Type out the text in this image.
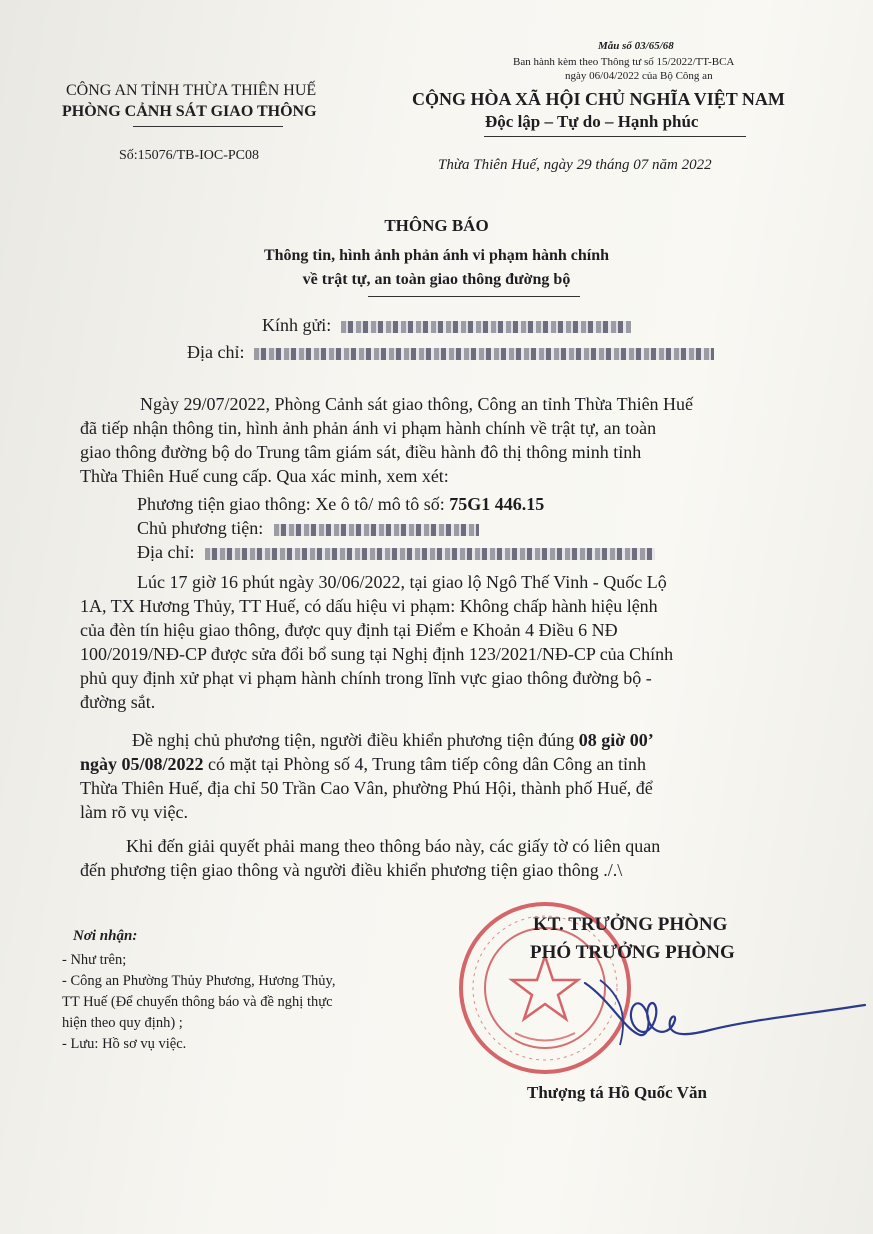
Mẫu số 03/65/68
Ban hành kèm theo Thông tư số 15/2022/TT-BCA
ngày 06/04/2022 của Bộ Công an
CÔNG AN TỈNH THỪA THIÊN HUẾ
PHÒNG CẢNH SÁT GIAO THÔNG
CỘNG HÒA XÃ HỘI CHỦ NGHĨA VIỆT NAM
Độc lập – Tự do – Hạnh phúc
Số:15076/TB-IOC-PC08
Thừa Thiên Huế, ngày 29 tháng 07 năm 2022
THÔNG BÁO
Thông tin, hình ảnh phản ánh vi phạm hành chính
về trật tự, an toàn giao thông đường bộ
Kính gửi:
Địa chỉ:
Ngày 29/07/2022, Phòng Cảnh sát giao thông, Công an tỉnh Thừa Thiên Huế
đã tiếp nhận thông tin, hình ảnh phản ánh vi phạm hành chính về trật tự, an toàn
giao thông đường bộ do Trung tâm giám sát, điều hành đô thị thông minh tỉnh
Thừa Thiên Huế cung cấp. Qua xác minh, xem xét:
Phương tiện giao thông: Xe ô tô/ mô tô số: 75G1 446.15
Chủ phương tiện:
Địa chỉ:
Lúc 17 giờ 16 phút ngày 30/06/2022, tại giao lộ Ngô Thế Vinh - Quốc Lộ
1A, TX Hương Thủy, TT Huế, có dấu hiệu vi phạm: Không chấp hành hiệu lệnh
của đèn tín hiệu giao thông, được quy định tại Điểm e Khoản 4 Điều 6 NĐ
100/2019/NĐ-CP được sửa đổi bổ sung tại Nghị định 123/2021/NĐ-CP của Chính
phủ quy định xử phạt vi phạm hành chính trong lĩnh vực giao thông đường bộ -
đường sắt.
Đề nghị chủ phương tiện, người điều khiển phương tiện đúng 08 giờ 00’
ngày 05/08/2022 có mặt tại Phòng số 4, Trung tâm tiếp công dân Công an tỉnh
Thừa Thiên Huế, địa chỉ 50 Trần Cao Vân, phường Phú Hội, thành phố Huế, để
làm rõ vụ việc.
Khi đến giải quyết phải mang theo thông báo này, các giấy tờ có liên quan
đến phương tiện giao thông và người điều khiển phương tiện giao thông ./.\
Nơi nhận:
- Như trên;
- Công an Phường Thủy Phương, Hương Thủy,
TT Huế (Để chuyển thông báo và đề nghị thực
hiện theo quy định) ;
- Lưu: Hồ sơ vụ việc.
KT. TRƯỞNG PHÒNG
PHÓ TRƯỞNG PHÒNG
Thượng tá Hồ Quốc Văn
